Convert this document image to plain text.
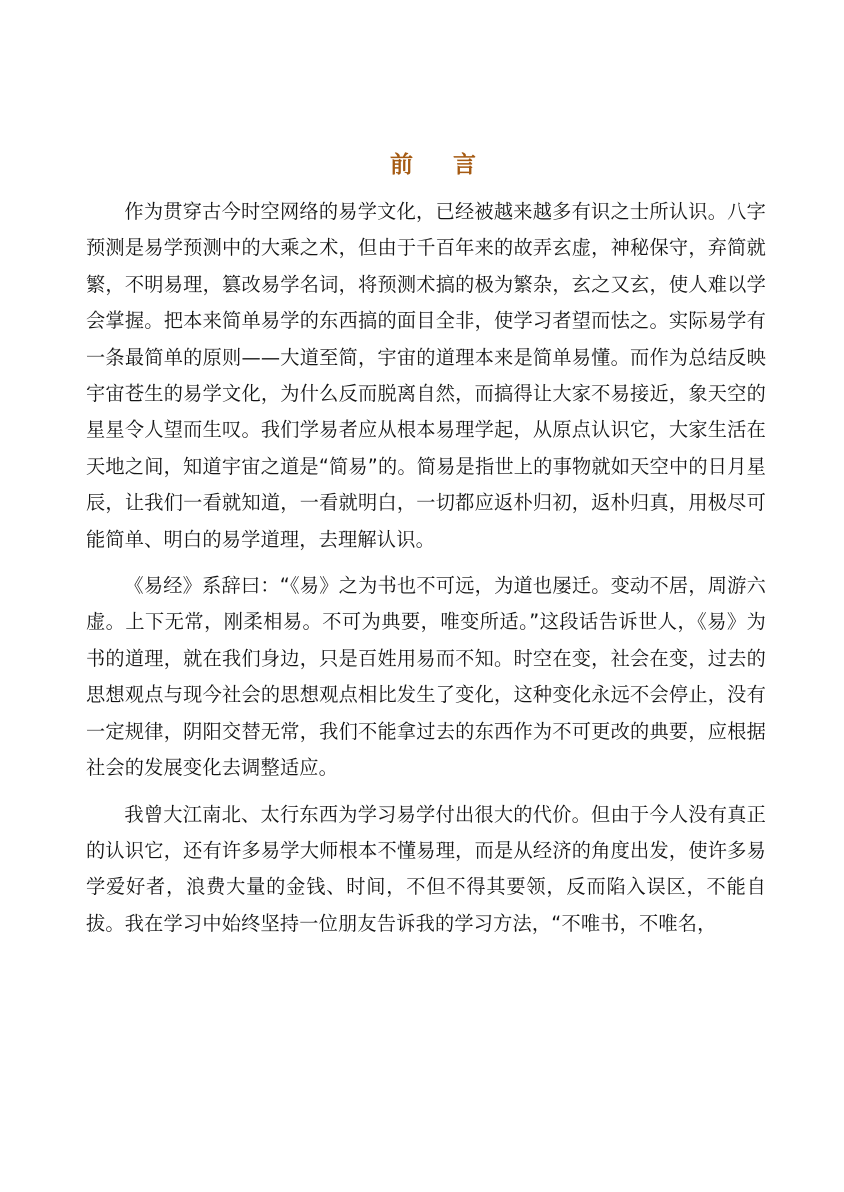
前 言

作为贯穿古今时空网络的易学文化，已经被越来越多有识之士所认识。八字预测是易学预测中的大乘之术，但由于千百年来的故弄玄虚，神秘保守，弃简就繁，不明易理，篡改易学名词，将预测术搞的极为繁杂，玄之又玄，使人难以学会掌握。把本来简单易学的东西搞的面目全非，使学习者望而怯之。实际易学有一条最简单的原则——大道至简，宇宙的道理本来是简单易懂。而作为总结反映宇宙苍生的易学文化，为什么反而脱离自然，而搞得让大家不易接近，象天空的星星令人望而生叹。我们学易者应从根本易理学起，从原点认识它，大家生活在天地之间，知道宇宙之道是“简易”的。简易是指世上的事物就如天空中的日月星辰，让我们一看就知道，一看就明白，一切都应返朴归初，返朴归真，用极尽可能简单、明白的易学道理，去理解认识。

《易经》系辞曰：“《易》之为书也不可远，为道也屡迁。变动不居，周游六虚。上下无常，刚柔相易。不可为典要，唯变所适。”这段话告诉世人，《易》为书的道理，就在我们身边，只是百姓用易而不知。时空在变，社会在变，过去的思想观点与现今社会的思想观点相比发生了变化，这种变化永远不会停止，没有一定规律，阴阳交替无常，我们不能拿过去的东西作为不可更改的典要，应根据社会的发展变化去调整适应。

我曾大江南北、太行东西为学习易学付出很大的代价。但由于今人没有真正的认识它，还有许多易学大师根本不懂易理，而是从经济的角度出发，使许多易学爱好者，浪费大量的金钱、时间，不但不得其要领，反而陷入误区，不能自拔。我在学习中始终坚持一位朋友告诉我的学习方法，“不唯书，不唯名，
